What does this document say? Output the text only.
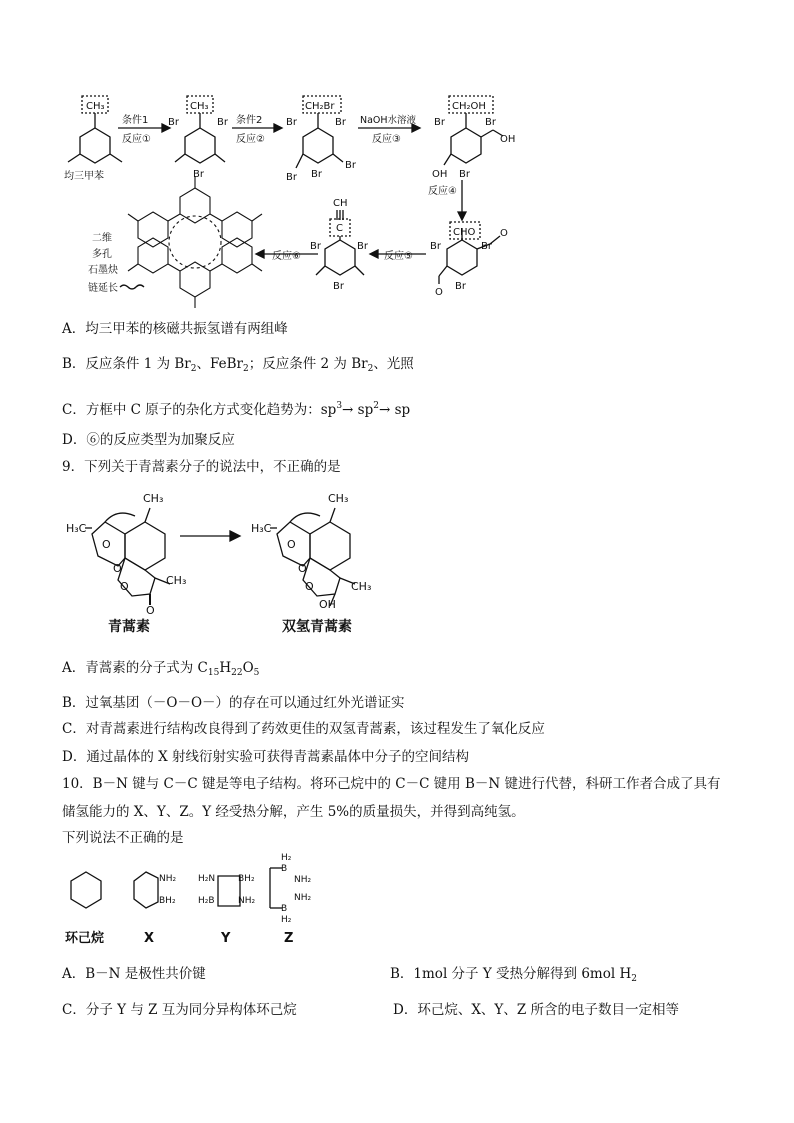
CH₃
均三甲苯
条件1
反应①
CH₃
Br	Br
Br
条件2
反应②
CH₂Br
Br	Br
Br
Br
Br
NaOH水溶液
反应③
CH₂OH
Br	Br
Br
OH
OH
反应④
CHO
Br	Br
Br
O
O
反应⑤
CH
C
Br	Br
Br
反应⑥
二维
多孔
石墨炔
链延长
A．均三甲苯的核磁共振氢谱有两组峰
B．反应条件 1 为 $Br_2$、FeBr$_2$；反应条件 2 为 $Br_2$、光照
C．方框中 C 原子的杂化方式变化趋势为：$sp^3\to sp^2\to$ sp
D．⑥的反应类型为加聚反应
9．下列关于青蒿素分子的说法中，不正确的是
CH₃
H₃C
O
O
O
O
CH₃
CH₃
H₃C
O
O
O
OH
CH₃
青蒿素	双氢青蒿素
A．青蒿素的分子式为 $C_{15}H_{22}O_5$
B．过氧基团（－O－O－）的存在可以通过红外光谱证实
C．对青蒿素进行结构改良得到了药效更佳的双氢青蒿素，该过程发生了氧化反应
D．通过晶体的 X 射线衍射实验可获得青蒿素晶体中分子的空间结构
10．B－N 键与 C－C 键是等电子结构。将环己烷中的 C－C 键用 B－N 键进行代替，科研工作者合成了具有
储氢能力的 X、Y、Z。Y 经受热分解，产生 5%的质量损失，并得到高纯氢。
下列说法不正确的是
NH₂
BH₂
H₂N	BH₂
H₂B	NH₂
H₂
B
NH₂
NH₂
B
H₂
环己烷	X	Y	Z
A．B－N 是极性共价键	B．1mol 分子 Y 受热分解得到 6mol $H_2$
C．分子 Y 与 Z 互为同分异构体环己烷	D．环己烷、X、Y、Z 所含的电子数目一定相等
